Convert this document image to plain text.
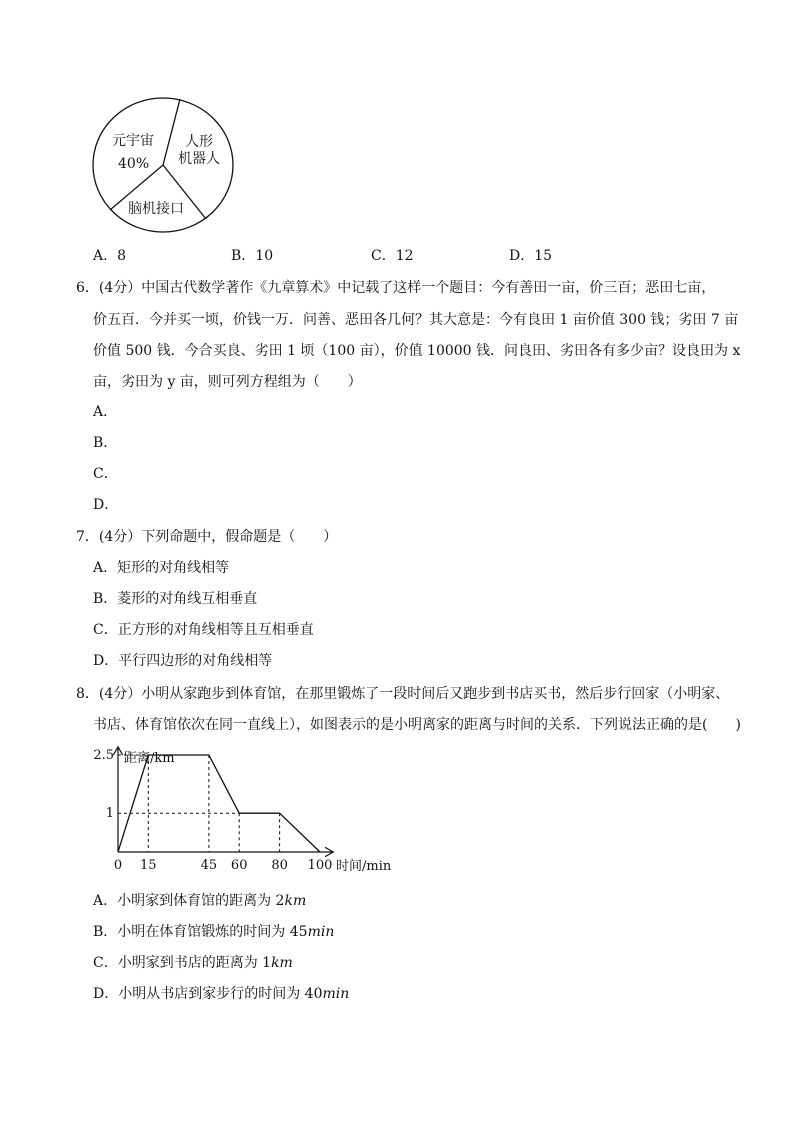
元宇宙
40%
人形
机器人
脑机接口
A．8	B．10	C．12	D．15
6．(4分）中国古代数学著作《九章算术》中记载了这样一个题目：今有善田一亩，价三百；恶田七亩，
价五百．今并买一顷，价钱一万．问善、恶田各几何？其大意是：今有良田 1 亩价值 300 钱；劣田 7 亩
价值 500 钱．今合买良、劣田 1 顷（100 亩），价值 10000 钱．问良田、劣田各有多少亩？设良田为 x
亩，劣田为 y 亩，则可列方程组为（　　）
A．
B．
C．
D．
7．(4分）下列命题中，假命题是（　　）
A．矩形的对角线相等
B．菱形的对角线互相垂直
C．正方形的对角线相等且互相垂直
D．平行四边形的对角线相等
8．(4分）小明从家跑步到体育馆，在那里锻炼了一段时间后又跑步到书店买书，然后步行回家（小明家、
书店、体育馆依次在同一直线上），如图表示的是小明离家的距离与时间的关系．下列说法正确的是(　　)
距离/km
时间/min
0 15	45 60 80 100
1
2.5
A．小明家到体育馆的距离为 2km
B．小明在体育馆锻炼的时间为 45min
C．小明家到书店的距离为 1km
D．小明从书店到家步行的时间为 40min
